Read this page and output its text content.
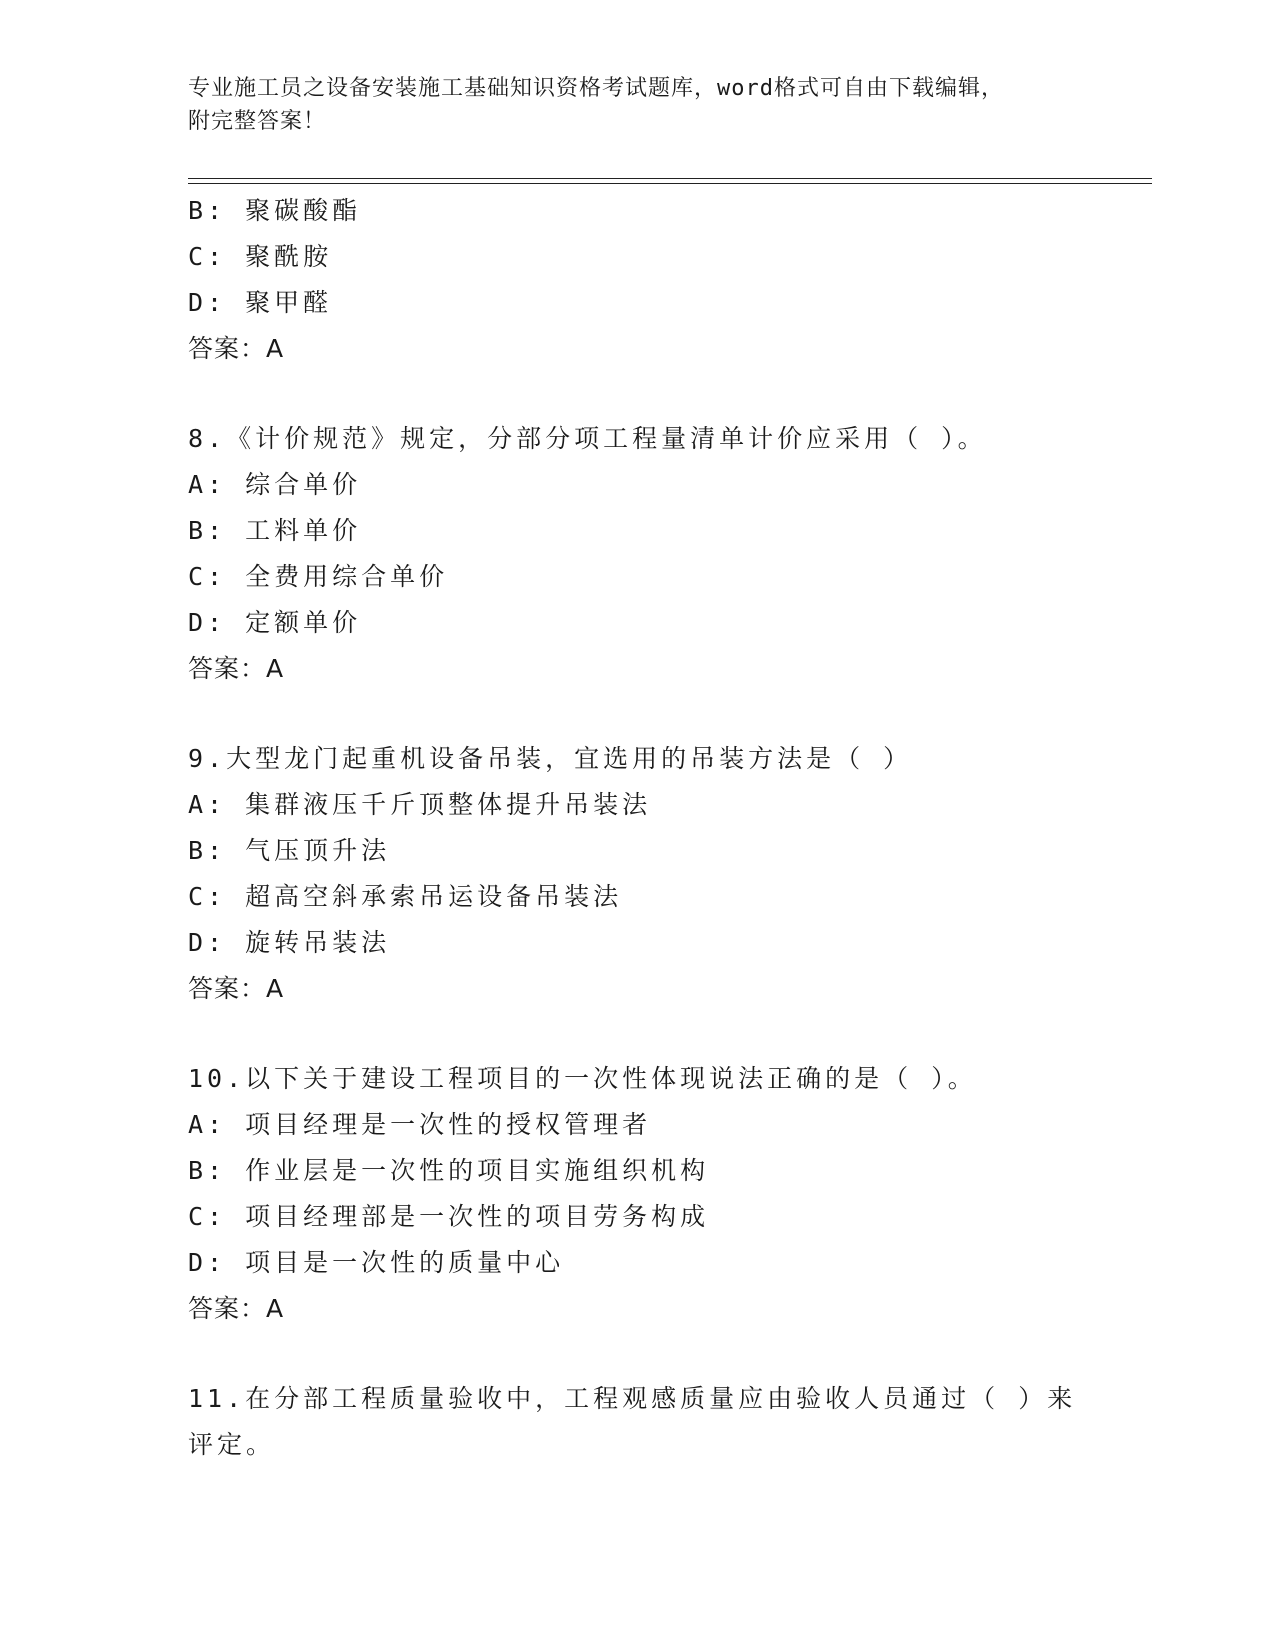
专业施工员之设备安装施工基础知识资格考试题库，word格式可自由下载编辑，
附完整答案！
B: 聚碳酸酯
C: 聚酰胺
D: 聚甲醛
答案：A
8.《计价规范》规定，分部分项工程量清单计价应采用（ ）。
A: 综合单价
B: 工料单价
C: 全费用综合单价
D: 定额单价
答案：A
9.大型龙门起重机设备吊装，宜选用的吊装方法是（ ）
A: 集群液压千斤顶整体提升吊装法
B: 气压顶升法
C: 超高空斜承索吊运设备吊装法
D: 旋转吊装法
答案：A
10.以下关于建设工程项目的一次性体现说法正确的是（ ）。
A: 项目经理是一次性的授权管理者
B: 作业层是一次性的项目实施组织机构
C: 项目经理部是一次性的项目劳务构成
D: 项目是一次性的质量中心
答案：A
11.在分部工程质量验收中，工程观感质量应由验收人员通过（ ）来
评定。
